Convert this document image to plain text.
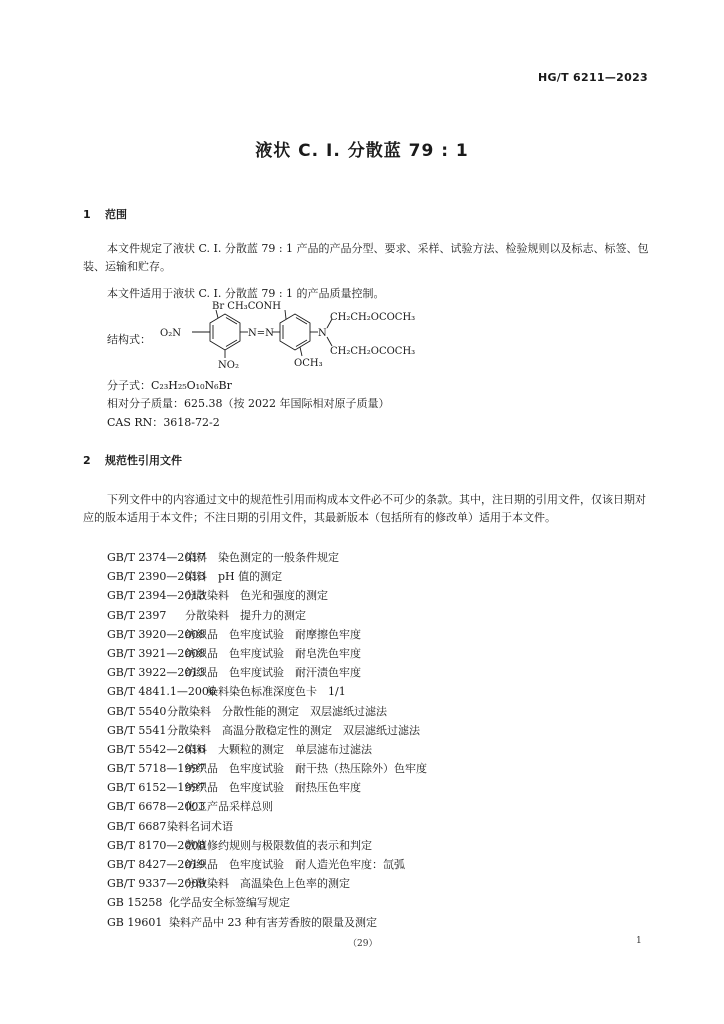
HG/T 6211—2023
液状 C. I. 分散蓝 79 : 1
1 范围
本文件规定了液状 C. I. 分散蓝 79 : 1 产品的产品分型、要求、采样、试验方法、检验规则以及标志、标签、包装、运输和贮存。
本文件适用于液状 C. I. 分散蓝 79 : 1 的产品质量控制。
结构式： O₂N
Br CH₃CONH
N=N
NO₂	OCH₃
N
CH₂CH₂OCOCH₃
CH₂CH₂OCOCH₃
分子式：C₂₃H₂₅O₁₀N₆Br
相对分子质量：625.38（按 2022 年国际相对原子质量）
CAS RN：3618-72-2
2 规范性引用文件
下列文件中的内容通过文中的规范性引用而构成本文件必不可少的条款。其中，注日期的引用文件，仅该日期对应的版本适用于本文件；不注日期的引用文件，其最新版本（包括所有的修改单）适用于本文件。
GB/T 2374—2017染料　染色测定的一般条件规定
GB/T 2390—2013染料　pH 值的测定
GB/T 2394—2013分散染料　色光和强度的测定
GB/T 2397 分散染料　提升力的测定
GB/T 3920—2008纺织品　色牢度试验　耐摩擦色牢度
GB/T 3921—2008纺织品　色牢度试验　耐皂洗色牢度
GB/T 3922—2013纺织品　色牢度试验　耐汗渍色牢度
GB/T 4841.1—2006染料染色标准深度色卡　1/1
GB/T 5540分散染料　分散性能的测定　双层滤纸过滤法
GB/T 5541分散染料　高温分散稳定性的测定　双层滤纸过滤法
GB/T 5542—2016染料　大颗粒的测定　单层滤布过滤法
GB/T 5718—1997纺织品　色牢度试验　耐干热（热压除外）色牢度
GB/T 6152—1997纺织品　色牢度试验　耐热压色牢度
GB/T 6678—2003化工产品采样总则
GB/T 6687染料名词术语
GB/T 8170—2008数值修约规则与极限数值的表示和判定
GB/T 8427—2019纺织品　色牢度试验　耐人造光色牢度：氙弧
GB/T 9337—2009分散染料　高温染色上色率的测定
GB 15258 化学品安全标签编写规定
GB 19601 染料产品中 23 种有害芳香胺的限量及测定
（29）	1
